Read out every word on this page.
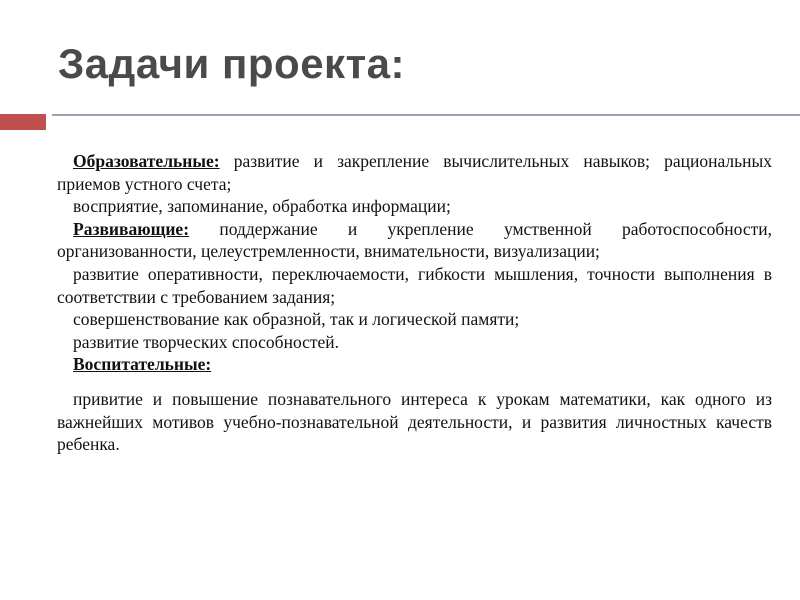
Задачи проекта:

Образовательные: развитие и закрепление вычислительных навыков; рациональных приемов устного счета;

восприятие, запоминание, обработка информации;

Развивающие: поддержание и укрепление умственной работоспособности, организованности, целеустремленности, внимательности, визуализации;

развитие оперативности, переключаемости, гибкости мышления, точности выполнения в соответствии с требованием задания;

совершенствование как образной, так и логической памяти;

развитие творческих способностей.

Воспитательные:

привитие и повышение познавательного интереса к урокам математики, как одного из важнейших мотивов учебно-познавательной деятельности, и развития личностных качеств ребенка.
